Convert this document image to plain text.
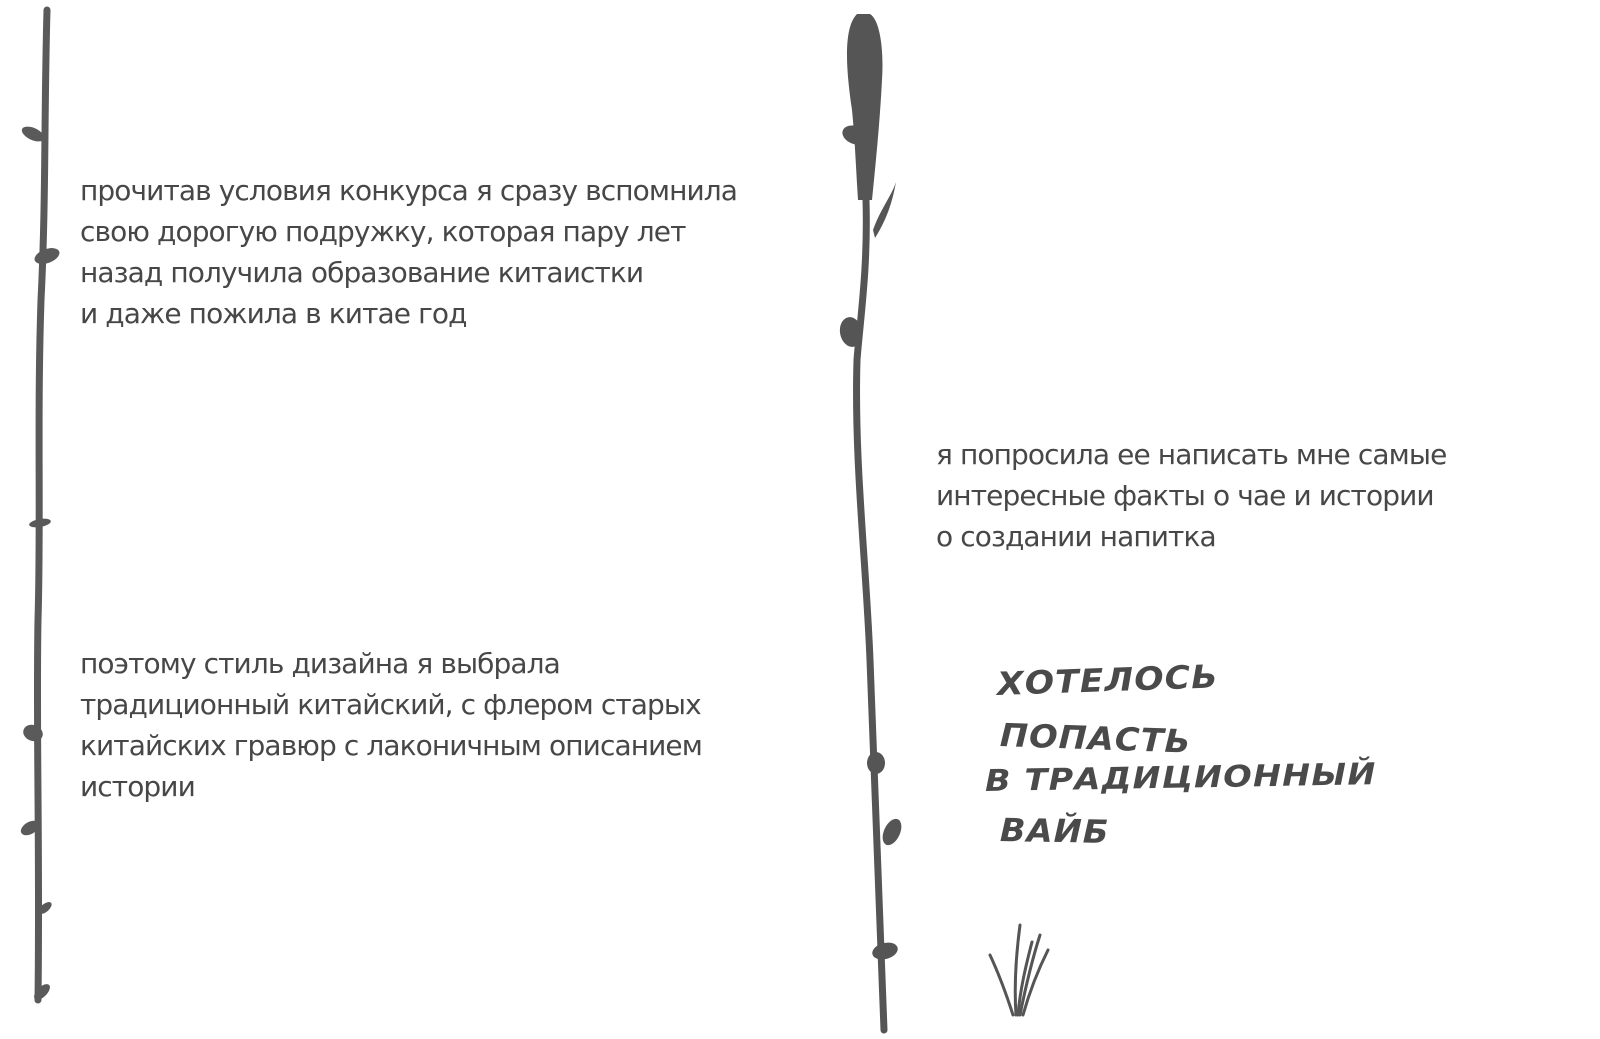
прочитав условия конкурса я сразу вспомнила
свою дорогую подружку, которая пару лет
назад получила образование китаистки
и даже пожила в китае год

поэтому стиль дизайна я выбрала
традиционный китайский, с флером старых
китайских гравюр с лаконичным описанием
истории

я попросила ее написать мне самые
интересные факты о чае и истории
о создании напитка

ХОТЕЛОСЬ

ПОПАСТЬ

В ТРАДИЦИОННЫЙ

ВАЙБ
